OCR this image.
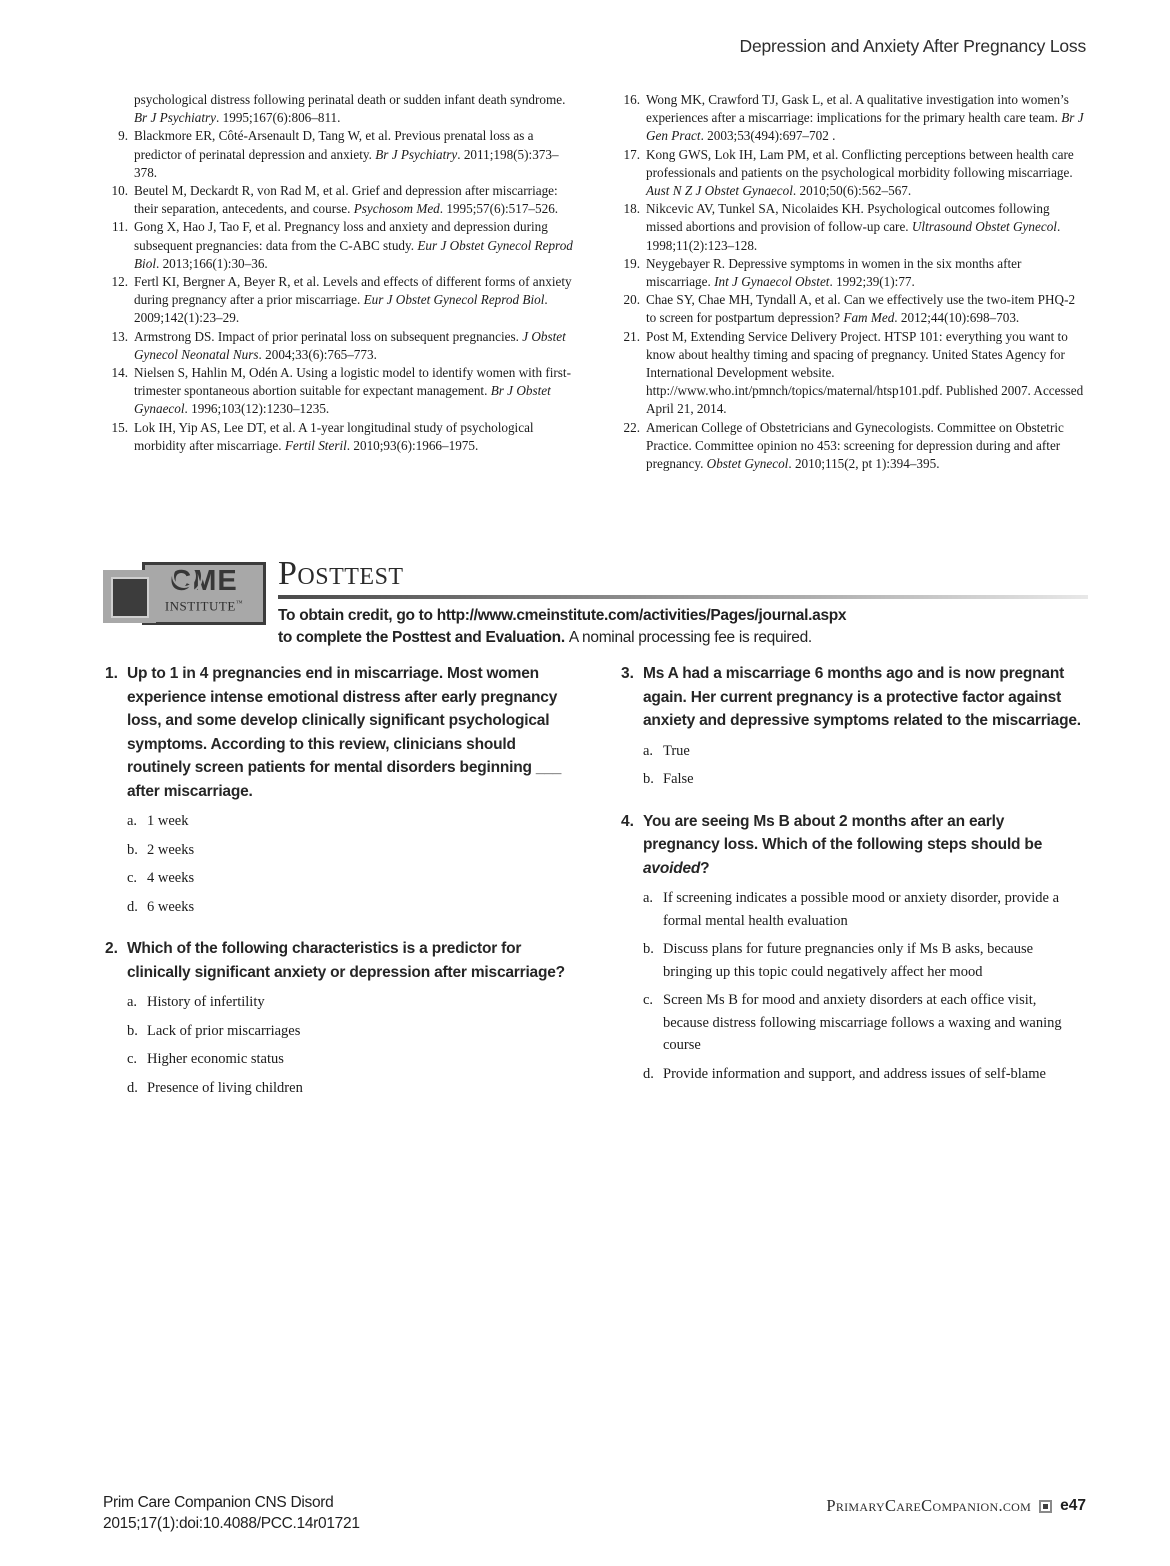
Depression and Anxiety After Pregnancy Loss
psychological distress following perinatal death or sudden infant death syndrome. Br J Psychiatry. 1995;167(6):806–811.
9. Blackmore ER, Côté-Arsenault D, Tang W, et al. Previous prenatal loss as a predictor of perinatal depression and anxiety. Br J Psychiatry. 2011;198(5):373–378.
10. Beutel M, Deckardt R, von Rad M, et al. Grief and depression after miscarriage: their separation, antecedents, and course. Psychosom Med. 1995;57(6):517–526.
11. Gong X, Hao J, Tao F, et al. Pregnancy loss and anxiety and depression during subsequent pregnancies: data from the C-ABC study. Eur J Obstet Gynecol Reprod Biol. 2013;166(1):30–36.
12. Fertl KI, Bergner A, Beyer R, et al. Levels and effects of different forms of anxiety during pregnancy after a prior miscarriage. Eur J Obstet Gynecol Reprod Biol. 2009;142(1):23–29.
13. Armstrong DS. Impact of prior perinatal loss on subsequent pregnancies. J Obstet Gynecol Neonatal Nurs. 2004;33(6):765–773.
14. Nielsen S, Hahlin M, Odén A. Using a logistic model to identify women with first-trimester spontaneous abortion suitable for expectant management. Br J Obstet Gynaecol. 1996;103(12):1230–1235.
15. Lok IH, Yip AS, Lee DT, et al. A 1-year longitudinal study of psychological morbidity after miscarriage. Fertil Steril. 2010;93(6):1966–1975.
16. Wong MK, Crawford TJ, Gask L, et al. A qualitative investigation into women’s experiences after a miscarriage: implications for the primary health care team. Br J Gen Pract. 2003;53(494):697–702 .
17. Kong GWS, Lok IH, Lam PM, et al. Conflicting perceptions between health care professionals and patients on the psychological morbidity following miscarriage. Aust N Z J Obstet Gynaecol. 2010;50(6):562–567.
18. Nikcevic AV, Tunkel SA, Nicolaides KH. Psychological outcomes following missed abortions and provision of follow-up care. Ultrasound Obstet Gynecol. 1998;11(2):123–128.
19. Neygebayer R. Depressive symptoms in women in the six months after miscarriage. Int J Gynaecol Obstet. 1992;39(1):77.
20. Chae SY, Chae MH, Tyndall A, et al. Can we effectively use the two-item PHQ-2 to screen for postpartum depression? Fam Med. 2012;44(10):698–703.
21. Post M, Extending Service Delivery Project. HTSP 101: everything you want to know about healthy timing and spacing of pregnancy. United States Agency for International Development website. http://www.who.int/pmnch/topics/maternal/htsp101.pdf. Published 2007. Accessed April 21, 2014.
22. American College of Obstetricians and Gynecologists. Committee on Obstetric Practice. Committee opinion no 453: screening for depression during and after pregnancy. Obstet Gynecol. 2010;115(2, pt 1):394–395.
CME
INSTITUTE™
Posttest
To obtain credit, go to http://www.cmeinstitute.com/activities/Pages/journal.aspx
to complete the Posttest and Evaluation. A nominal processing fee is required.
1. Up to 1 in 4 pregnancies end in miscarriage. Most women experience intense emotional distress after early pregnancy loss, and some develop clinically significant psychological symptoms. According to this review, clinicians should routinely screen patients for mental disorders beginning ___ after miscarriage.
a. 1 week
b. 2 weeks
c. 4 weeks
d. 6 weeks
2. Which of the following characteristics is a predictor for clinically significant anxiety or depression after miscarriage?
a. History of infertility
b. Lack of prior miscarriages
c. Higher economic status
d. Presence of living children
3. Ms A had a miscarriage 6 months ago and is now pregnant again. Her current pregnancy is a protective factor against anxiety and depressive symptoms related to the miscarriage.
a. True
b. False
4. You are seeing Ms B about 2 months after an early pregnancy loss. Which of the following steps should be avoided?
a. If screening indicates a possible mood or anxiety disorder, provide a formal mental health evaluation
b. Discuss plans for future pregnancies only if Ms B asks, because bringing up this topic could negatively affect her mood
c. Screen Ms B for mood and anxiety disorders at each office visit, because distress following miscarriage follows a waxing and waning course
d. Provide information and support, and address issues of self-blame
Prim Care Companion CNS Disord
2015;17(1):doi:10.4088/PCC.14r01721
PrimaryCareCompanion.com e47
